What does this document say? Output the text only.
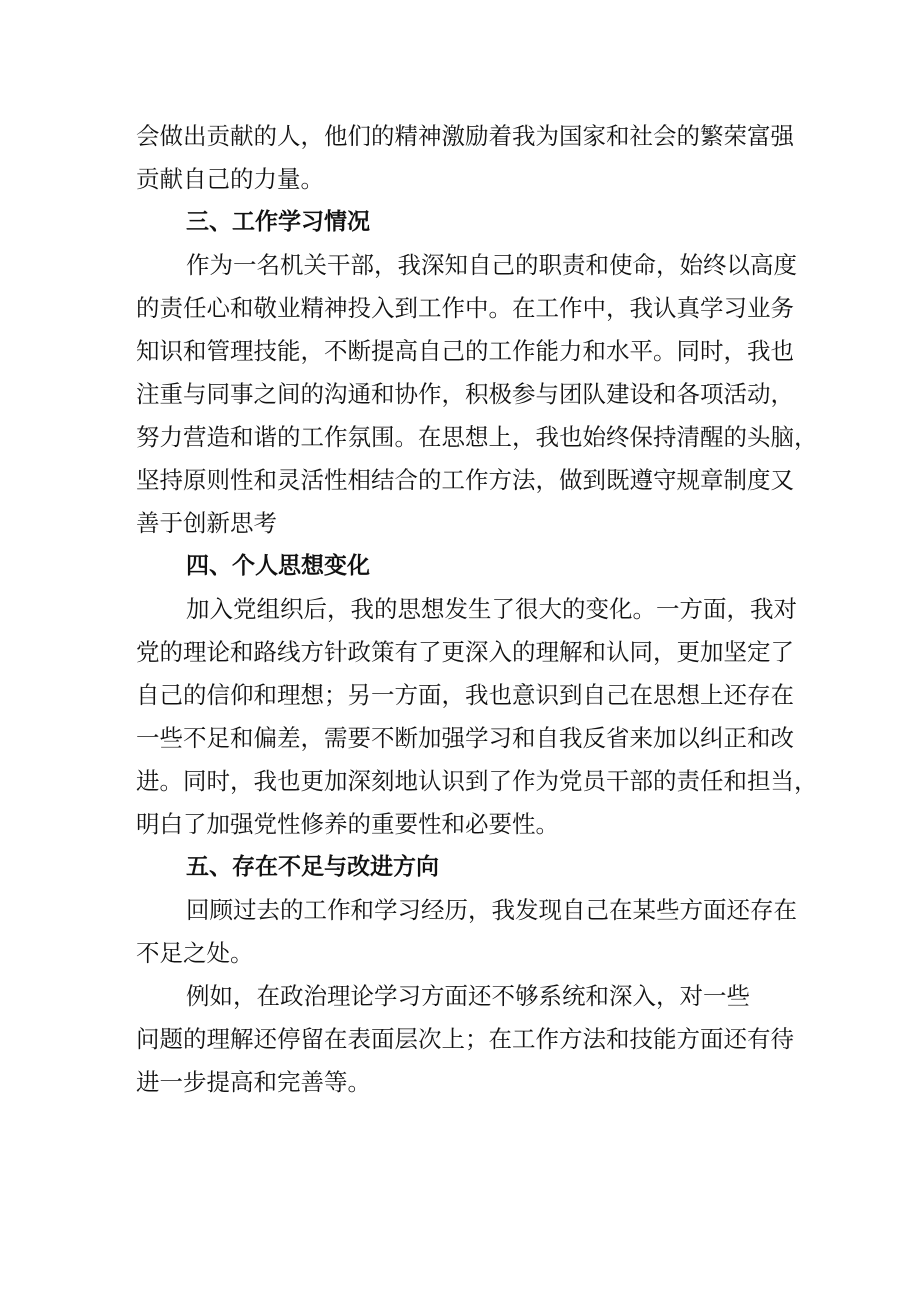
会做出贡献的人，他们的精神激励着我为国家和社会的繁荣富强

贡献自己的力量。

三、工作学习情况

作为一名机关干部，我深知自己的职责和使命，始终以高度

的责任心和敬业精神投入到工作中。在工作中，我认真学习业务

知识和管理技能，不断提高自己的工作能力和水平。同时，我也

注重与同事之间的沟通和协作，积极参与团队建设和各项活动，

努力营造和谐的工作氛围。在思想上，我也始终保持清醒的头脑，

坚持原则性和灵活性相结合的工作方法，做到既遵守规章制度又

善于创新思考

四、个人思想变化

加入党组织后，我的思想发生了很大的变化。一方面，我对

党的理论和路线方针政策有了更深入的理解和认同，更加坚定了

自己的信仰和理想；另一方面，我也意识到自己在思想上还存在

一些不足和偏差，需要不断加强学习和自我反省来加以纠正和改

进。同时，我也更加深刻地认识到了作为党员干部的责任和担当，

明白了加强党性修养的重要性和必要性。

五、存在不足与改进方向

回顾过去的工作和学习经历，我发现自己在某些方面还存在

不足之处。

例如，在政治理论学习方面还不够系统和深入，对一些

问题的理解还停留在表面层次上；在工作方法和技能方面还有待

进一步提高和完善等。
